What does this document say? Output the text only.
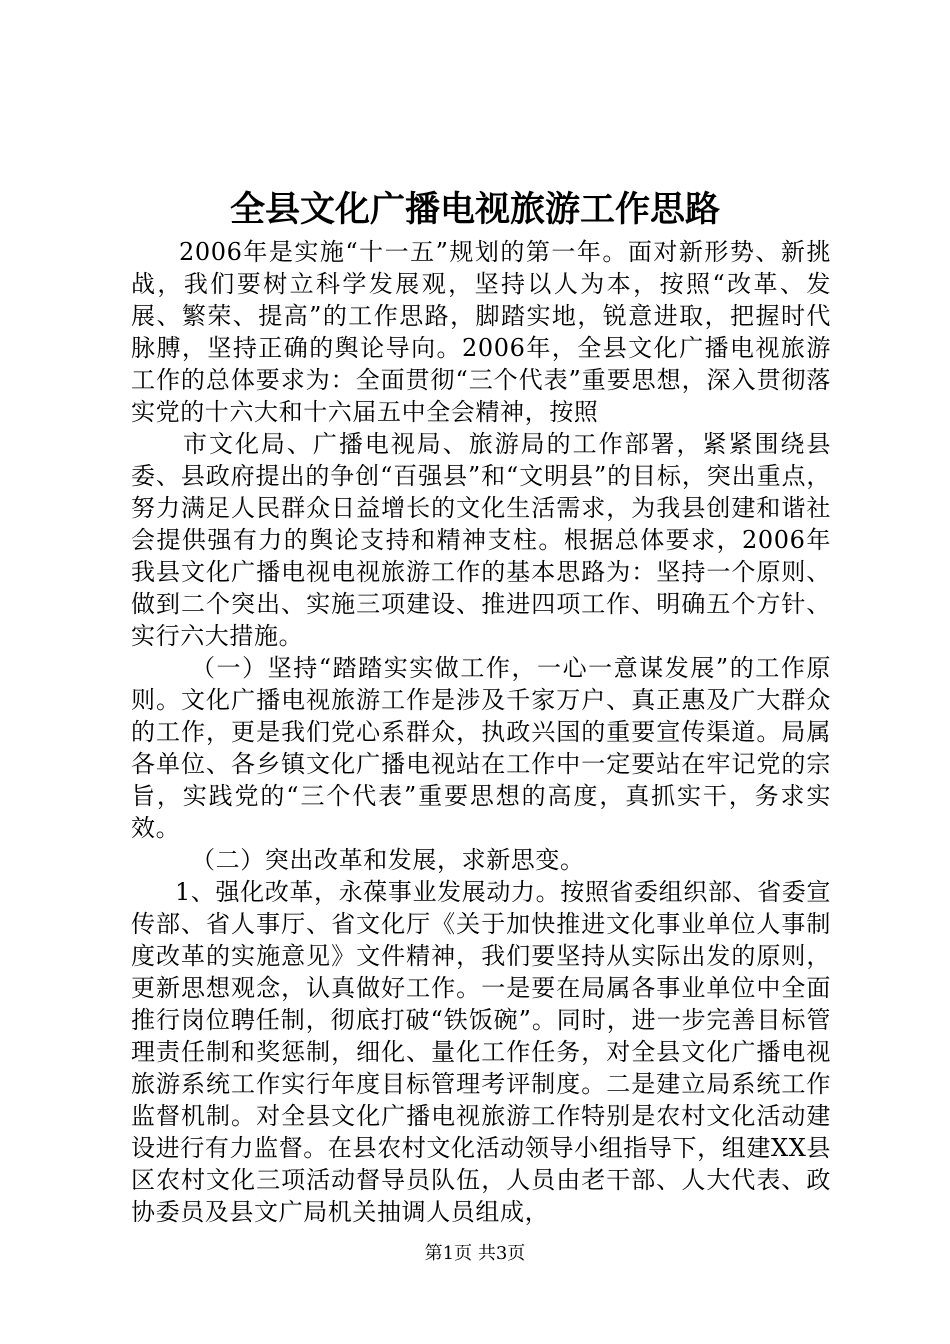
全县文化广播电视旅游工作思路

2006年是实施“十一五”规划的第一年。面对新形势、新挑战，我们要树立科学发展观，坚持以人为本，按照“改革、发展、繁荣、提高”的工作思路，脚踏实地，锐意进取，把握时代脉膊，坚持正确的舆论导向。2006年，全县文化广播电视旅游工作的总体要求为：全面贯彻“三个代表”重要思想，深入贯彻落实党的十六大和十六届五中全会精神，按照

市文化局、广播电视局、旅游局的工作部署，紧紧围绕县委、县政府提出的争创“百强县”和“文明县”的目标，突出重点，努力满足人民群众日益增长的文化生活需求，为我县创建和谐社会提供强有力的舆论支持和精神支柱。根据总体要求，2006年我县文化广播电视电视旅游工作的基本思路为：坚持一个原则、做到二个突出、实施三项建设、推进四项工作、明确五个方针、实行六大措施。

（一）坚持“踏踏实实做工作，一心一意谋发展”的工作原则。文化广播电视旅游工作是涉及千家万户、真正惠及广大群众的工作，更是我们党心系群众，执政兴国的重要宣传渠道。局属各单位、各乡镇文化广播电视站在工作中一定要站在牢记党的宗旨，实践党的“三个代表”重要思想的高度，真抓实干，务求实效。

（二）突出改革和发展，求新思变。

1、强化改革，永葆事业发展动力。按照省委组织部、省委宣传部、省人事厅、省文化厅《关于加快推进文化事业单位人事制度改革的实施意见》文件精神，我们要坚持从实际出发的原则，更新思想观念，认真做好工作。一是要在局属各事业单位中全面推行岗位聘任制，彻底打破“铁饭碗”。同时，进一步完善目标管理责任制和奖惩制，细化、量化工作任务，对全县文化广播电视旅游系统工作实行年度目标管理考评制度。二是建立局系统工作监督机制。对全县文化广播电视旅游工作特别是农村文化活动建设进行有力监督。在县农村文化活动领导小组指导下，组建XX县区农村文化三项活动督导员队伍，人员由老干部、人大代表、政协委员及县文广局机关抽调人员组成，

第1页 共3页
